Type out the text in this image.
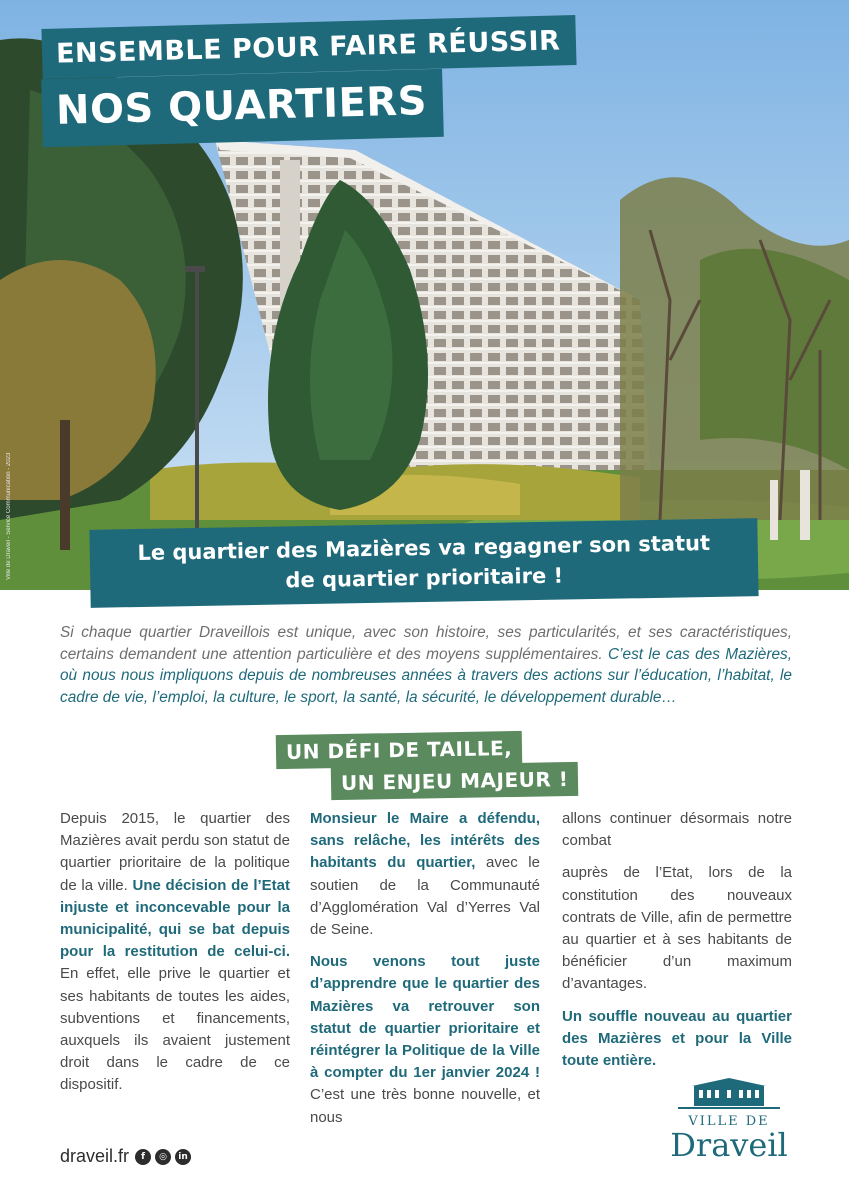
Ville de Draveil - Service Communication - 2023
ENSEMBLE POUR FAIRE RÉUSSIR
NOS QUARTIERS
Le quartier des Mazières va regagner son statut de quartier prioritaire !
Si chaque quartier Draveillois est unique, avec son histoire, ses particularités, et ses caractéristiques, certains demandent une attention particulière et des moyens supplémentaires. C’est le cas des Mazières, où nous nous impliquons depuis de nombreuses années à travers des actions sur l’éducation, l’habitat, le cadre de vie, l’emploi, la culture, le sport, la santé, la sécurité, le développement durable…
UN DÉFI DE TAILLE,
UN ENJEU MAJEUR !

Depuis 2015, le quartier des Mazières avait perdu son statut de quartier prioritaire de la politique de la ville. Une décision de l’Etat injuste et inconcevable pour la municipalité, qui se bat depuis pour la restitution de celui-ci. En effet, elle prive le quartier et ses habitants de toutes les aides, subventions et financements, auxquels ils avaient justement droit dans le cadre de ce dispositif.

Monsieur le Maire a défendu, sans relâche, les intérêts des habitants du quartier, avec le soutien de la Communauté d’Agglomération Val d’Yerres Val de Seine.

Nous venons tout juste d’apprendre que le quartier des Mazières va retrouver son statut de quartier prioritaire et réintégrer la Politique de la Ville à compter du 1er janvier 2024 ! C’est une très bonne nouvelle, et nous

allons continuer désormais notre combat

auprès de l’Etat, lors de la constitution des nouveaux contrats de Ville, afin de permettre au quartier et à ses habitants de bénéficier d’un maximum d’avantages.

Un souffle nouveau au quartier des Mazières et pour la Ville toute entière.

draveil.fr	f	◎	in
VILLE DE
Draveil
